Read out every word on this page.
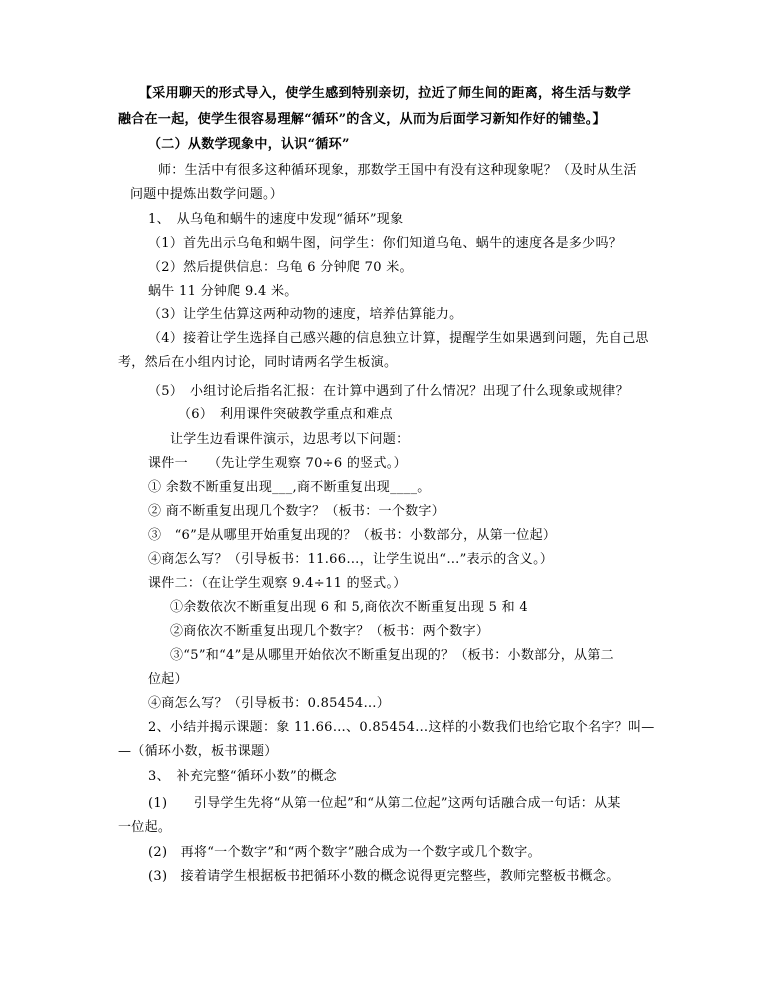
【采用聊天的形式导入，使学生感到特别亲切，拉近了师生间的距离，将生活与数学
融合在一起，使学生很容易理解“循环”的含义，从而为后面学习新知作好的铺垫。】
（二）从数学现象中，认识“循环”
师：生活中有很多这种循环现象，那数学王国中有没有这种现象呢？（及时从生活
问题中提炼出数学问题。）
1、　从乌龟和蜗牛的速度中发现“循环”现象
（1）首先出示乌龟和蜗牛图，问学生：你们知道乌龟、蜗牛的速度各是多少吗？
（2）然后提供信息：乌龟 6 分钟爬 70 米。
蜗牛 11 分钟爬 9.4 米。
（3）让学生估算这两种动物的速度，培养估算能力。
（4）接着让学生选择自己感兴趣的信息独立计算，提醒学生如果遇到问题，先自己思
考，然后在小组内讨论，同时请两名学生板演。
（5）　小组讨论后指名汇报：在计算中遇到了什么情况？出现了什么现象或规律？
（6）　利用课件突破教学重点和难点
让学生边看课件演示，边思考以下问题：
课件一　　（先让学生观察 70÷6 的竖式。）
① 余数不断重复出现___,商不断重复出现____。
② 商不断重复出现几个数字？（板书：一个数字）
③　“6”是从哪里开始重复出现的？（板书：小数部分，从第一位起）
④商怎么写？（引导板书：11.66…，让学生说出“…”表示的含义。）
课件二：（在让学生观察 9.4÷11 的竖式。）
①余数依次不断重复出现 6 和 5,商依次不断重复出现 5 和 4
②商依次不断重复出现几个数字？（板书：两个数字）
③“5”和“4”是从哪里开始依次不断重复出现的？（板书：小数部分，从第二
位起）
④商怎么写？（引导板书：0.85454…）
2、小结并揭示课题：象 11.66…、0.85454…这样的小数我们也给它取个名字？叫—
—（循环小数，板书课题）
3、　补充完整“循环小数”的概念
(1)　　引导学生先将“从第一位起”和“从第二位起”这两句话融合成一句话：从某
一位起。
(2)　再将“一个数字”和“两个数字”融合成为一个数字或几个数字。
(3)　接着请学生根据板书把循环小数的概念说得更完整些，教师完整板书概念。
